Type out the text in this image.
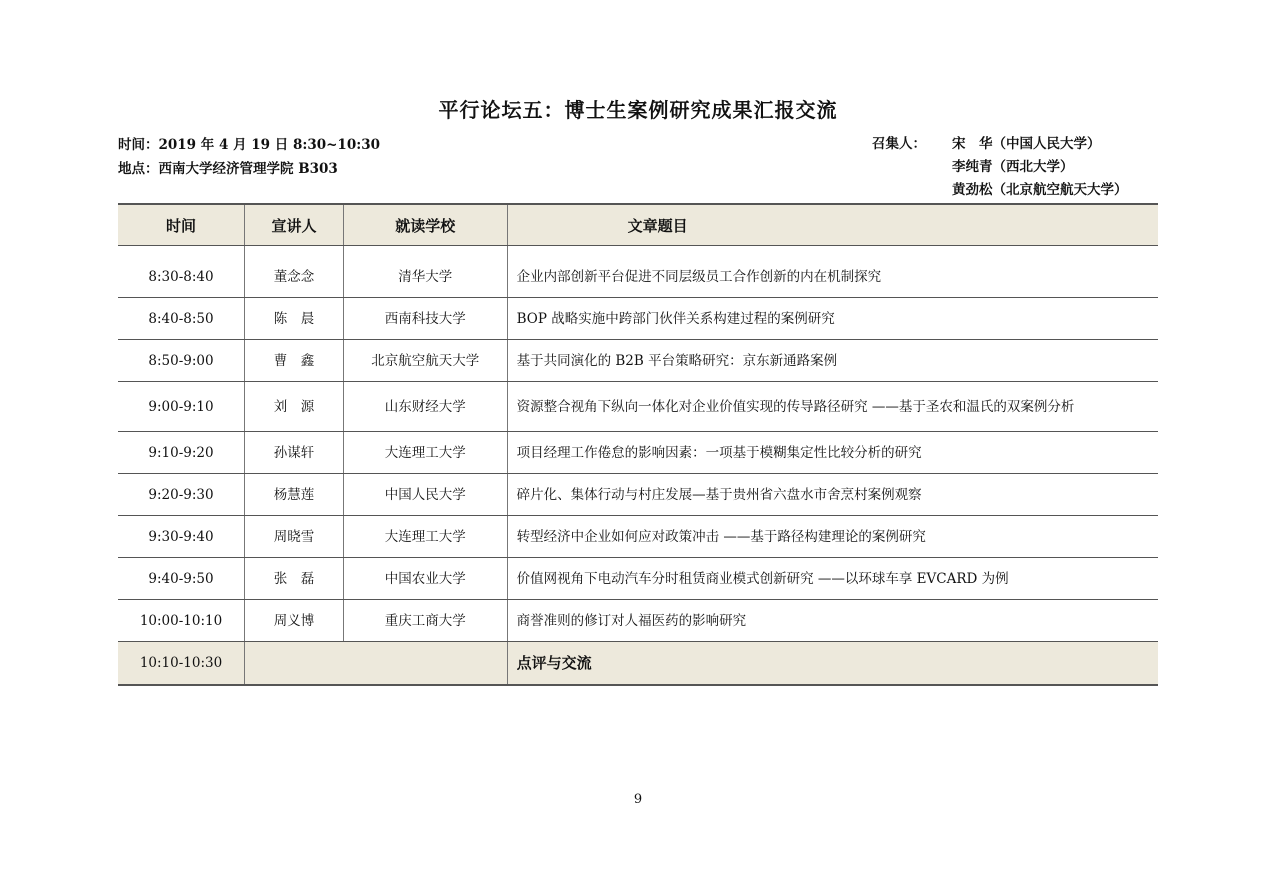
平行论坛五：博士生案例研究成果汇报交流
时间：2019 年 4 月 19 日 8:30~10:30
地点：西南大学经济管理学院 B303
召集人：	宋　华（中国人民大学）
李纯青（西北大学）
黄劲松（北京航空航天大学）
时间	宣讲人	就读学校	文章题目

8:30-8:40	董念念	清华大学	企业内部创新平台促进不同层级员工合作创新的内在机制探究
8:40-8:50	陈　晨	西南科技大学	BOP 战略实施中跨部门伙伴关系构建过程的案例研究
8:50-9:00	曹　鑫	北京航空航天大学	基于共同演化的 B2B 平台策略研究：京东新通路案例
9:00-9:10	刘　源	山东财经大学	资源整合视角下纵向一体化对企业价值实现的传导路径研究 ——基于圣农和温氏的双案例分析
9:10-9:20	孙谋轩	大连理工大学	项目经理工作倦怠的影响因素：一项基于模糊集定性比较分析的研究
9:20-9:30	杨慧莲	中国人民大学	碎片化、集体行动与村庄发展—基于贵州省六盘水市舍烹村案例观察
9:30-9:40	周晓雪	大连理工大学	转型经济中企业如何应对政策冲击 ——基于路径构建理论的案例研究
9:40-9:50	张　磊	中国农业大学	价值网视角下电动汽车分时租赁商业模式创新研究 ——以环球车享 EVCARD 为例
10:00-10:10	周义博	重庆工商大学	商誉准则的修订对人福医药的影响研究
10:10-10:30			点评与交流
9
